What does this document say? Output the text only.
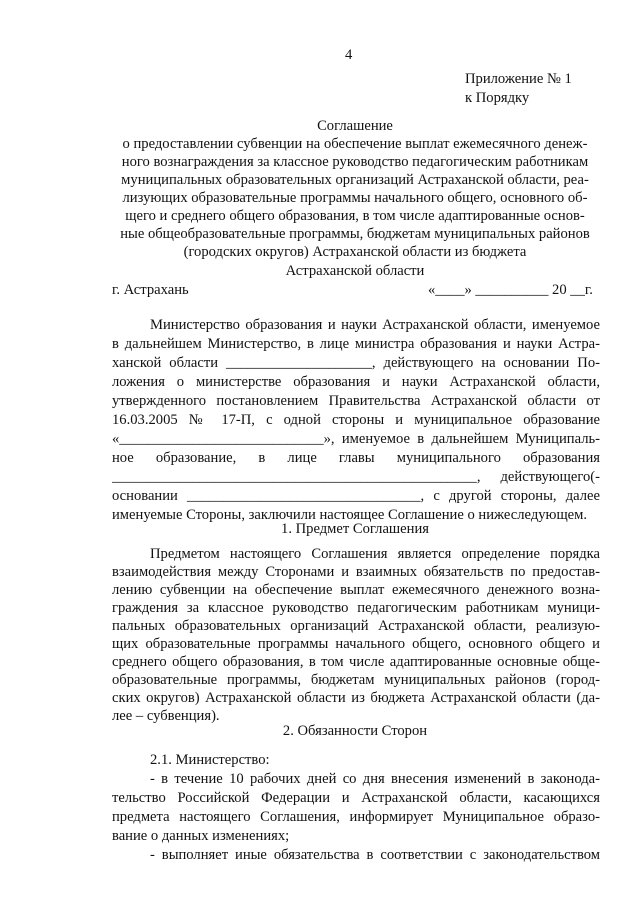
4
Приложение № 1
к Порядку
Соглашение
о предоставлении субвенции на обеспечение выплат ежемесячного денеж-
ного вознаграждения за классное руководство педагогическим работникам
муниципальных образовательных организаций Астраханской области, реа-
лизующих образовательные программы начального общего, основного об-
щего и среднего общего образования, в том числе адаптированные основ-
ные общеобразовательные программы, бюджетам муниципальных районов
(городских округов) Астраханской области из бюджета
Астраханской области
г. Астрахань	«____» __________ 20 __г.
Министерство образования и науки Астраханской области, именуемое
в дальнейшем Министерство, в лице министра образования и науки Астра-
ханской области ____________________, действующего на основании По-
ложения о министерстве образования и науки Астраханской области,
утвержденного постановлением Правительства Астраханской области от
16.03.2005 № 17-П, с одной стороны и муниципальное образование
«____________________________», именуемое в дальнейшем Муниципаль-
ное образование, в лице главы муниципального образования
__________________________________________________, действующего(-
основании ________________________________, с другой стороны, далее
именуемые Стороны, заключили настоящее Соглашение о нижеследующем.
1. Предмет Соглашения
Предметом настоящего Соглашения является определение порядка
взаимодействия между Сторонами и взаимных обязательств по предостав-
лению субвенции на обеспечение выплат ежемесячного денежного возна-
граждения за классное руководство педагогическим работникам муници-
пальных образовательных организаций Астраханской области, реализую-
щих образовательные программы начального общего, основного общего и
среднего общего образования, в том числе адаптированные основные обще-
образовательные программы, бюджетам муниципальных районов (город-
ских округов) Астраханской области из бюджета Астраханской области (да-
лее – субвенция).
2. Обязанности Сторон
2.1. Министерство:
- в течение 10 рабочих дней со дня внесения изменений в законода-
тельство Российской Федерации и Астраханской области, касающихся
предмета настоящего Соглашения, информирует Муниципальное образо-
вание о данных изменениях;
- выполняет иные обязательства в соответствии с законодательством
